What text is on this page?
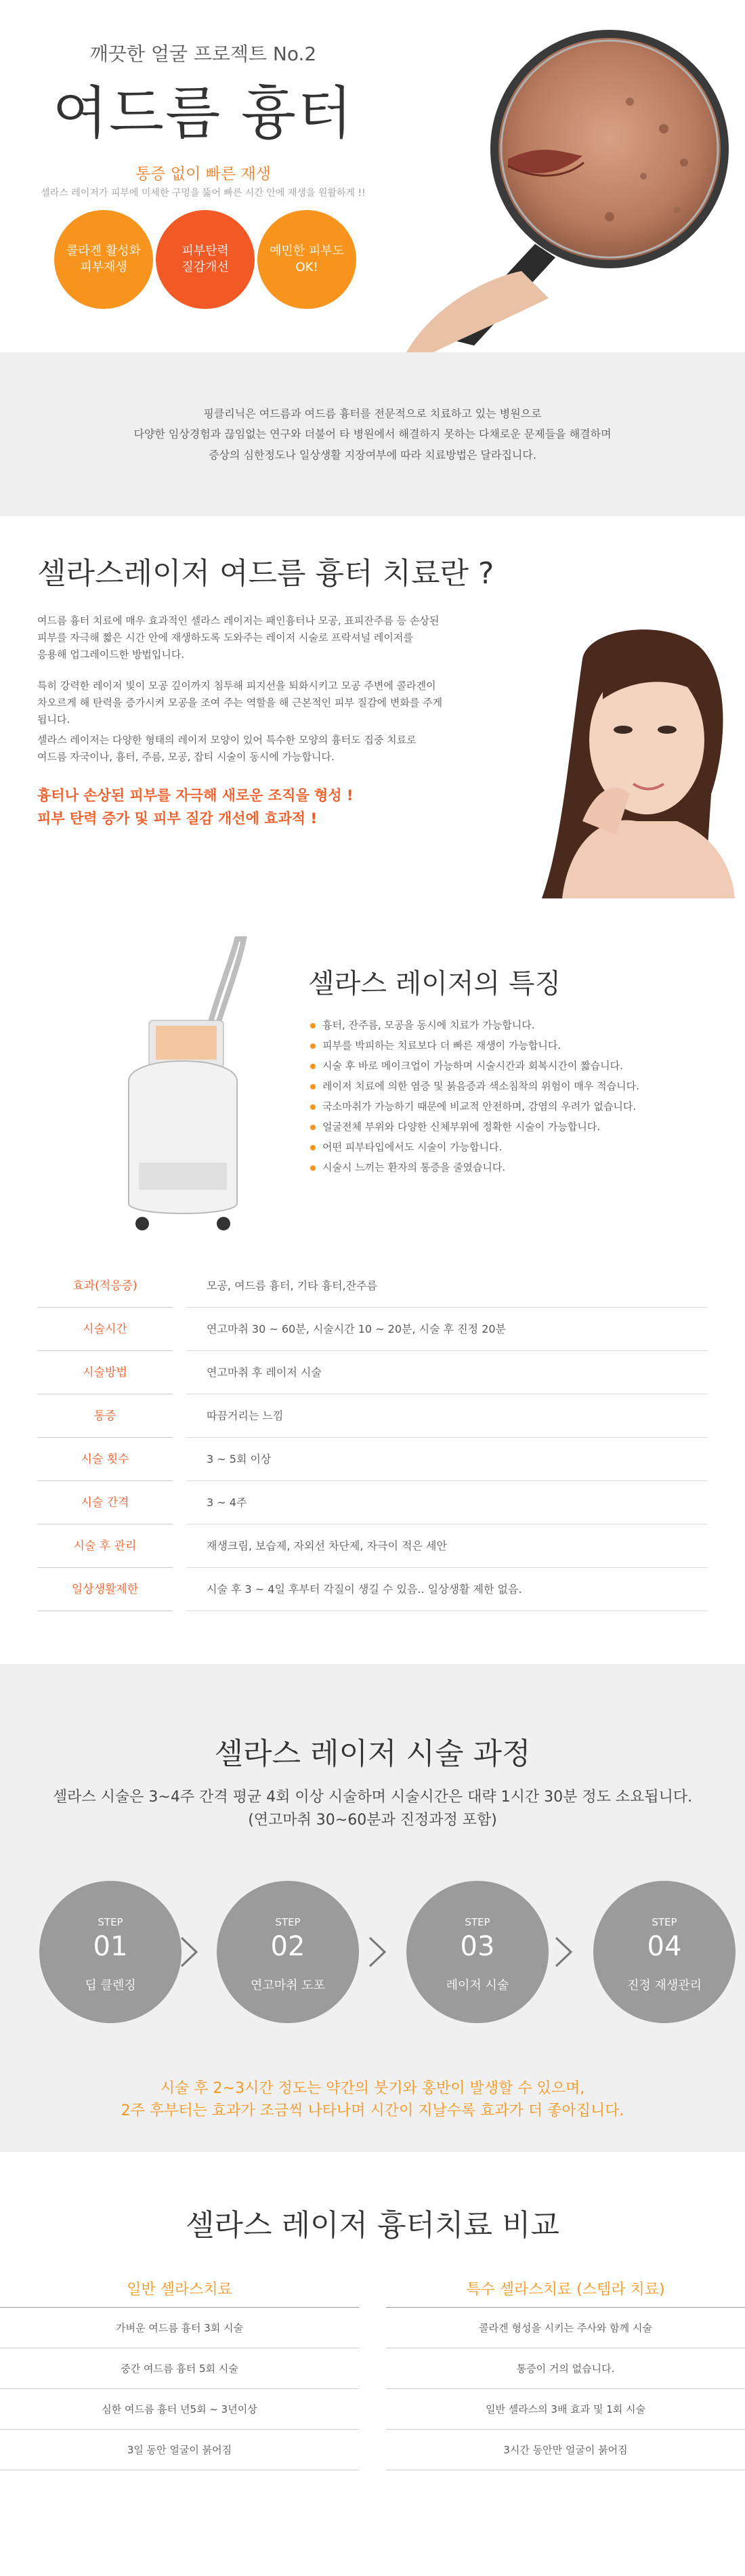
깨끗한 얼굴 프로젝트 No.2
여드름 흉터
통증 없이 빠른 재생
셀라스 레이저가 피부에 미세한 구멍을 뚫어 빠른 시간 안에 재생을 원활하게 !!
콜라겐 활성화
피부재생
피부탄력
질감개선
예민한 피부도
OK!
핑클리닉은 여드름과 여드름 흉터를 전문적으로 치료하고 있는 병원으로
다양한 임상경험과 끊임없는 연구와 더불어 타 병원에서 해결하지 못하는 다채로운 문제들을 해결하며
증상의 심한정도나 일상생활 지장여부에 따라 치료방법은 달라집니다.
셀라스레이저 여드름 흉터 치료란 ?
여드름 흉터 치료에 매우 효과적인 셀라스 레이저는 패인흉터나 모공, 표피잔주름 등 손상된
피부를 자극해 짧은 시간 안에 재생하도록 도와주는 레이저 시술로 프락셔널 레이저를
응용해 업그레이드한 방법입니다.
특히 강력한 레이저 빛이 모공 깊이까지 침투해 피지선을 퇴화시키고 모공 주변에 콜라겐이
차오르게 해 탄력을 증가시켜 모공을 조여 주는 역할을 해 근본적인 피부 질감에 변화를 주게
됩니다.
셀라스 레이저는 다양한 형태의 레이저 모양이 있어 특수한 모양의 흉터도 집중 치료로
여드름 자국이나, 흉터, 주름, 모공, 잡티 시술이 동시에 가능합니다.
흉터나 손상된 피부를 자극해 새로운 조직을 형성 !
피부 탄력 증가 및 피부 질감 개선에 효과적 !
셀라스 레이저의 특징
흉터, 잔주름, 모공을 동시에 치료가 가능합니다.
피부를 박피하는 치료보다 더 빠른 재생이 가능합니다.
시술 후 바로 메이크업이 가능하며 시술시간과 회복시간이 짧습니다.
레이저 치료에 의한 염증 및 붉음증과 색소침착의 위험이 매우 적습니다.
국소마취가 가능하기 때문에 비교적 안전하며, 감염의 우려가 없습니다.
얼굴전체 부위와 다양한 신체부위에 정확한 시술이 가능합니다.
어떤 피부타입에서도 시술이 가능합니다.
시술시 느끼는 환자의 통증을 줄였습니다.
효과(적응증)	모공, 여드름 흉터, 기타 흉터,잔주름
시술시간	연고마취 30 ~ 60분, 시술시간 10 ~ 20분, 시술 후 진정 20분
시술방법	연고마취 후 레이저 시술
통증	따끔거리는 느낌
시술 횟수	3 ~ 5회 이상
시술 간격	3 ~ 4주
시술 후 관리	재생크림, 보습제, 자외선 차단제, 자극이 적은 세안
일상생활제한	시술 후 3 ~ 4일 후부터 각질이 생길 수 있음.. 일상생활 제한 없음.
셀라스 레이저 시술 과정
셀라스 시술은 3~4주 간격 평균 4회 이상 시술하며 시술시간은 대략 1시간 30분 정도 소요됩니다.
(연고마취 30~60분과 진정과정 포함)
STEP
01
딥 클렌징
STEP
02
연고마취 도포
STEP
03
레이저 시술
STEP
04
진정 재생관리
시술 후 2~3시간 정도는 약간의 붓기와 홍반이 발생할 수 있으며,
2주 후부터는 효과가 조금씩 나타나며 시간이 지날수록 효과가 더 좋아집니다.
셀라스 레이저 흉터치료 비교
일반 셀라스치료
가벼운 여드름 흉터 3회 시술
중간 여드름 흉터 5회 시술
심한 여드름 흉터 년5회 ~ 3년이상
3일 동안 얼굴이 붉어짐
특수 셀라스치료 (스템라 치료)
콜라겐 형성을 시키는 주사와 함께 시술
통증이 거의 없습니다.
일반 셀라스의 3배 효과 및 1회 시술
3시간 동안만 얼굴이 붉어짐
